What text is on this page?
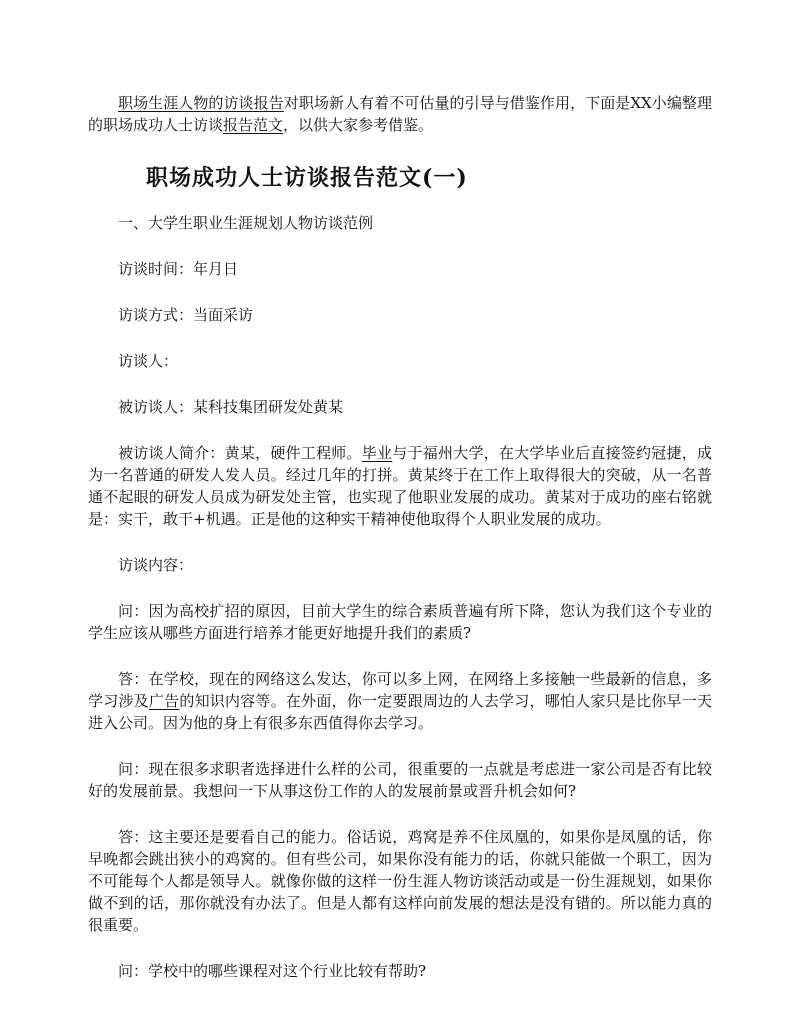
职场生涯人物的访谈报告对职场新人有着不可估量的引导与借鉴作用，下面是XX小编整理的职场成功人士访谈报告范文，以供大家参考借鉴。

职场成功人士访谈报告范文(一)

一、大学生职业生涯规划人物访谈范例

访谈时间：年月日

访谈方式：当面采访

访谈人：

被访谈人：某科技集团研发处黄某

被访谈人简介：黄某，硬件工程师。毕业与于福州大学，在大学毕业后直接签约冠捷，成为一名普通的研发人发人员。经过几年的打拼。黄某终于在工作上取得很大的突破，从一名普通不起眼的研发人员成为研发处主管，也实现了他职业发展的成功。黄某对于成功的座右铭就是：实干，敢干+机遇。正是他的这种实干精神使他取得个人职业发展的成功。

访谈内容：

问：因为高校扩招的原因，目前大学生的综合素质普遍有所下降，您认为我们这个专业的学生应该从哪些方面进行培养才能更好地提升我们的素质?

答：在学校，现在的网络这么发达，你可以多上网，在网络上多接触一些最新的信息，多学习涉及广告的知识内容等。在外面，你一定要跟周边的人去学习，哪怕人家只是比你早一天进入公司。因为他的身上有很多东西值得你去学习。

问：现在很多求职者选择进什么样的公司，很重要的一点就是考虑进一家公司是否有比较好的发展前景。我想问一下从事这份工作的人的发展前景或晋升机会如何?

答：这主要还是要看自己的能力。俗话说，鸡窝是养不住凤凰的，如果你是凤凰的话，你早晚都会跳出狭小的鸡窝的。但有些公司，如果你没有能力的话，你就只能做一个职工，因为不可能每个人都是领导人。就像你做的这样一份生涯人物访谈活动或是一份生涯规划，如果你做不到的话，那你就没有办法了。但是人都有这样向前发展的想法是没有错的。所以能力真的很重要。

问：学校中的哪些课程对这个行业比较有帮助?
